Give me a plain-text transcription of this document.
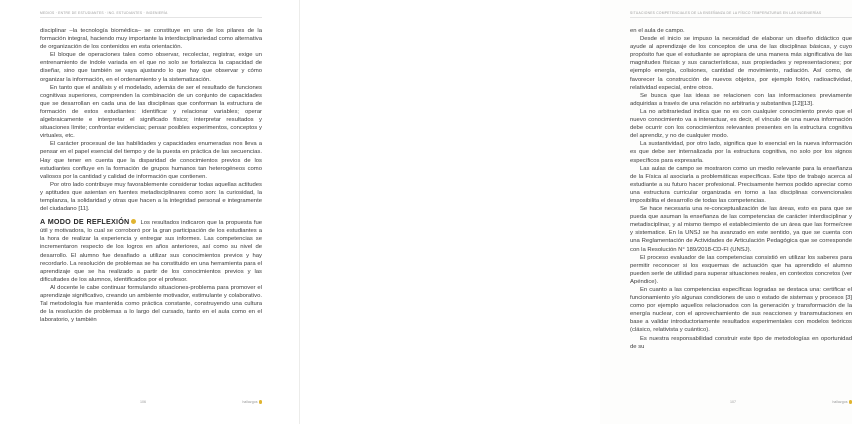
MEDIOS · ENTRE DE ESTUDIANTES · ING. ESTUDIANTES · INGENIERÍA

disciplinar –la tecnología biomédica– se constituye en uno de los pilares de la formación integral, haciendo muy importante la interdisciplinariedad como alternativa de organización de los contenidos en esta orientación.

El bloque de operaciones tales como observar, recolectar, registrar, exige un entrenamiento de índole variada en el que no solo se fortalezca la capacidad de diseñar, sino que también se vaya ajustando lo que hay que observar y cómo organizar la información, en el ordenamiento y la sistematización.

En tanto que el análisis y el modelado, además de ser el resultado de funciones cognitivas superiores, comprenden la combinación de un conjunto de capacidades que se desarrollan en cada una de las disciplinas que conforman la estructura de formación de estos estudiantes: identificar y relacionar variables; operar algebraicamente e interpretar el significado físico; interpretar resultados y situaciones límite; confrontar evidencias; pensar posibles experimentos, conceptos y virtuales, etc.

El carácter procesual de las habilidades y capacidades enumeradas nos lleva a pensar en el papel esencial del tiempo y de la puesta en práctica de las secuencias. Hay que tener en cuenta que la disparidad de conocimientos previos de los estudiantes confluye en la formación de grupos humanos tan heterogéneos como valiosos por la cantidad y calidad de información que contienen.

Por otro lado contribuye muy favorablemente considerar todas aquellas actitudes y aptitudes que asientan en fuentes metadisciplinares como son: la curiosidad, la templanza, la solidaridad y otras que hacen a la integridad personal e integramente del ciudadano [11].

A MODO DE REFLEXIÓN Los resultados indicaron que la propuesta fue útil y motivadora, lo cual se corroboró por la gran participación de los estudiantes a la hora de realizar la experiencia y entregar sus informes. Las competencias se incrementaron respecto de los logros en años anteriores, así como su nivel de desarrollo. El alumno fue desafiado a utilizar sus conocimientos previos y hay recordarlo. La resolución de problemas se ha constituido en una herramienta para el aprendizaje que se ha realizado a partir de los conocimientos previos y las dificultades de los alumnos, identificados por el profesor.

Al docente le cabe continuar formulando situaciones-problema para promover el aprendizaje significativo, creando un ambiente motivador, estimulante y colaborativo. Tal metodología fue mantenida como práctica constante, construyendo una cultura de la resolución de problemas a lo largo del cursado, tanto en el aula como en el laboratorio, y también

106	hallazgos
SITUACIONES COMPETENCIALES DE LA ENSEÑANZA DE LA FÍSICO TEMPERATURAS EN LAS INGENIERÍAS

en el aula de campo.

Desde el inicio se impuso la necesidad de elaborar un diseño didáctico que ayude al aprendizaje de los conceptos de una de las disciplinas básicas, y cuyo propósito fue que el estudiante se apropiara de una manera más significativa de las magnitudes físicas y sus características, sus propiedades y representaciones; por ejemplo energía, colisiones, cantidad de movimiento, radiación. Así como, de favorecer la construcción de nuevos objetos, por ejemplo fotón, radioactividad, relatividad especial, entre otros.

Se busca que las ideas se relacionen con las informaciones previamente adquiridas a través de una relación no arbitraria y substantiva [12][13].

La no arbitrariedad indica que no es con cualquier conocimiento previo que el nuevo conocimiento va a interactuar, es decir, el vínculo de una nueva información debe ocurrir con los conocimientos relevantes presentes en la estructura cognitiva del aprendiz, y no de cualquier modo.

La sustantividad, por otro lado, significa que lo esencial en la nueva información es que debe ser internalizada por la estructura cognitiva, no solo por los signos específicos para expresarla.

Las aulas de campo se mostraron como un medio relevante para la enseñanza de la Física al asociarla a problemáticas específicas. Este tipo de trabajo acerca al estudiante a su futuro hacer profesional. Precisamente hemos podido apreciar como una estructura curricular organizada en torno a las disciplinas convencionales imposibilita el desarrollo de todas las competencias.

Se hace necesaria una re-conceptualización de las áreas, esto es para que se pueda que asuman la enseñanza de las competencias de carácter interdisciplinar y metadisciplinar, y al mismo tiempo el establecimiento de un área que las forme/cree y sistematice. En la UNSJ se ha avanzado en este sentido, ya que se cuenta con una Reglamentación de Actividades de Articulación Pedagógica que se corresponde con la Resolución N° 189/2018-CD-FI (UNSJ).

El proceso evaluador de las competencias consistió en utilizar los saberes para permitir reconocer si los esquemas de actuación que ha aprendido el alumno pueden serle de utilidad para superar situaciones reales, en contextos concretos (ver Apéndice).

En cuanto a las competencias específicas logradas se destaca una: certificar el funcionamiento y/o algunas condiciones de uso o estado de sistemas y procesos [3] como por ejemplo aquellos relacionados con la generación y transformación de la energía nuclear, con el aprovechamiento de sus reacciones y transmutaciones en base a validar introductoriamente resultados experimentales con modelos teóricos (clásico, relativista y cuántico).

Es nuestra responsabilidad construir este tipo de metodologías en oportunidad de su

107	hallazgos
